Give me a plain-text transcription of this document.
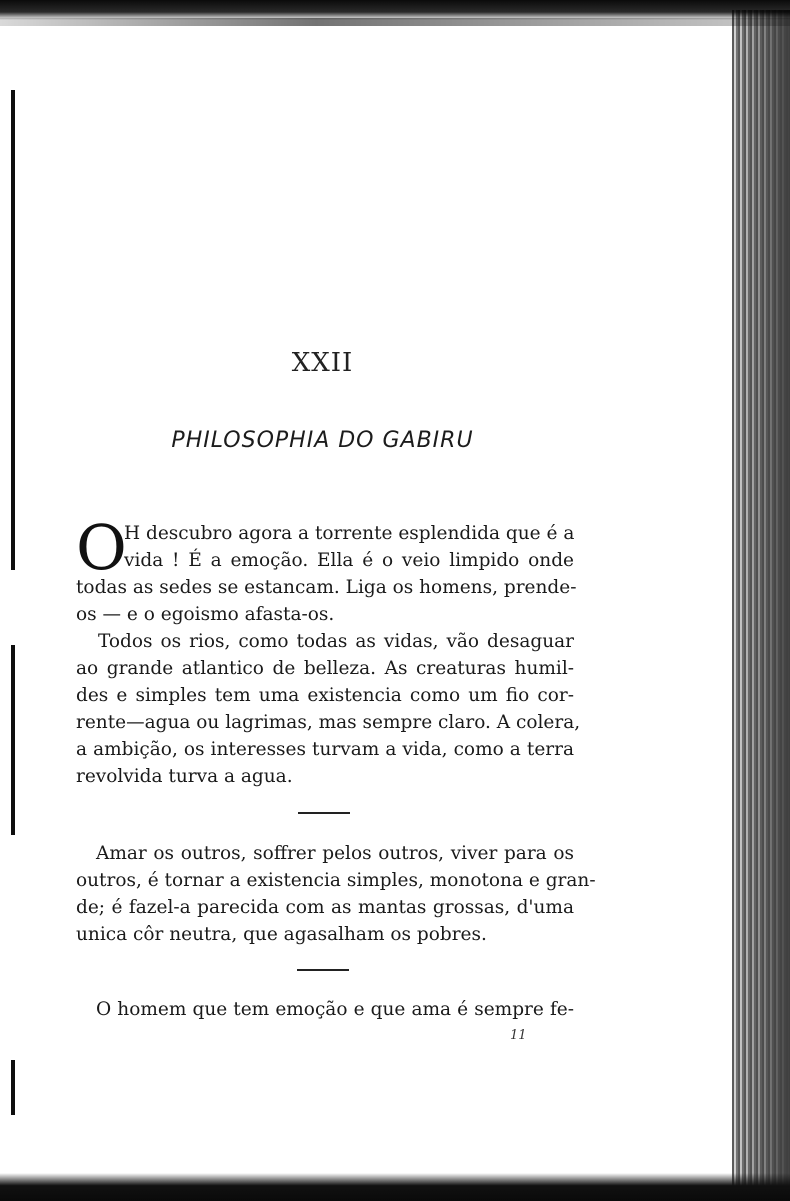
XXII
PHILOSOPHIA DO GABIRU
O
H descubro agora a torrente esplendida que é a
vida ! É a emoção. Ella é o veio limpido onde
todas as sedes se estancam. Liga os homens, prende-
os — e o egoismo afasta-os.
Todos os rios, como todas as vidas, vão desaguar
ao grande atlantico de belleza. As creaturas humil-
des e simples tem uma existencia como um fio cor-
rente—agua ou lagrimas, mas sempre claro. A colera,
a ambição, os interesses turvam a vida, como a terra
revolvida turva a agua.
Amar os outros, soffrer pelos outros, viver para os
outros, é tornar a existencia simples, monotona e gran-
de; é fazel-a parecida com as mantas grossas, d'uma
unica côr neutra, que agasalham os pobres.
O homem que tem emoção e que ama é sempre fe-
11
